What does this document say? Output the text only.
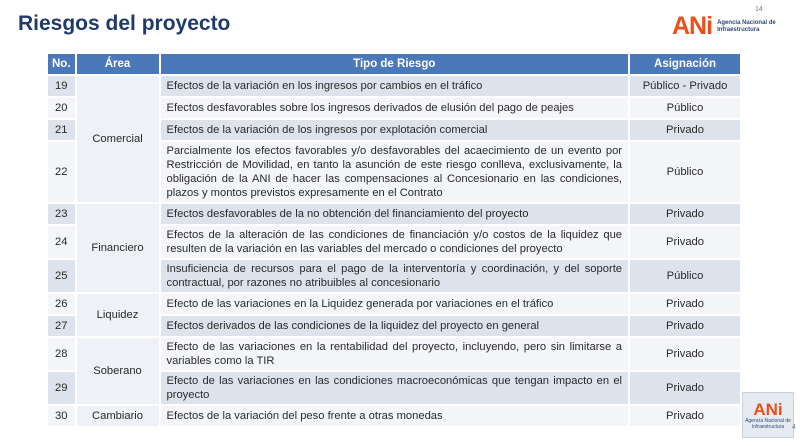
Riesgos del proyecto
14
ANi Agencia Nacional de
Infraestructura
No.	Área	Tipo de Riesgo	Asignación
19	Comercial	Efectos de la variación en los ingresos por cambios en el tráfico	Público - Privado
20		Efectos desfavorables sobre los ingresos derivados de elusión del pago de peajes	Público
21		Efectos de la variación de los ingresos por explotación comercial	Privado
22		Parcialmente los efectos favorables y/o desfavorables del acaecimiento de un evento por Restricción de Movilidad, en tanto la asunción de este riesgo conlleva, exclusivamente, la obligación de la ANI de hacer las compensaciones al Concesionario en las condiciones, plazos y montos previstos expresamente en el Contrato	Público
23	Financiero	Efectos desfavorables de la no obtención del financiamiento del proyecto	Privado
24		Efectos de la alteración de las condiciones de financiación y/o costos de la liquidez que resulten de la variación en las variables del mercado o condiciones del proyecto	Privado
25		Insuficiencia de recursos para el pago de la interventoría y coordinación, y del soporte contractual, por razones no atribuibles al concesionario	Público
26	Liquidez	Efecto de las variaciones en la Liquidez generada por variaciones en el tráfico	Privado
27		Efectos derivados de las condiciones de la liquidez del proyecto en general	Privado
28	Soberano	Efecto de las variaciones en la rentabilidad del proyecto, incluyendo, pero sin limitarse a variables como la TIR	Privado
29		Efecto de las variaciones en las condiciones macroeconómicas que tengan impacto en el proyecto	Privado
30	Cambiario	Efectos de la variación del peso frente a otras monedas	Privado	ANi
Agencia Nacional de
Infraestructura	4
